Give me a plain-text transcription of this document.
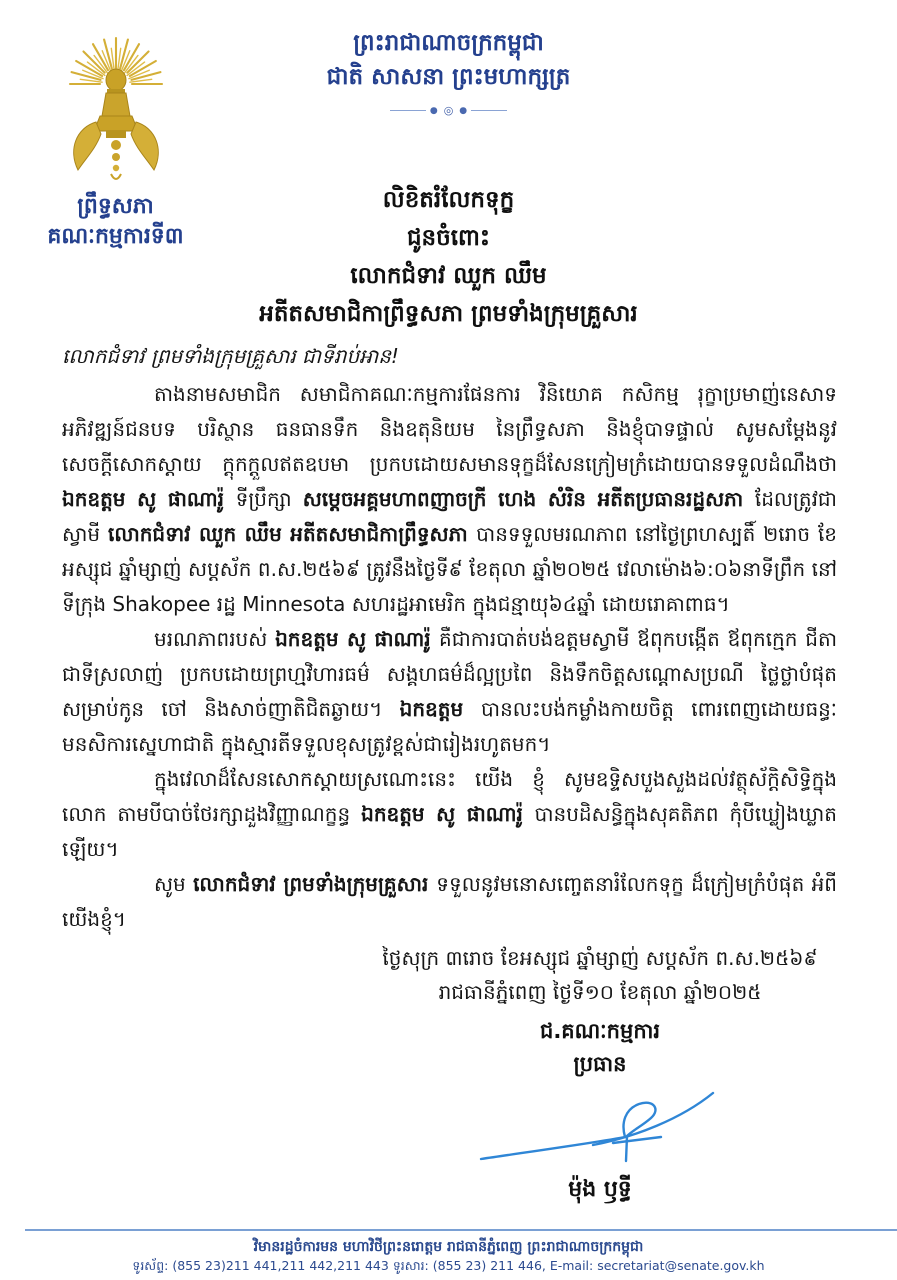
ព្រះរាជាណាចក្រកម្ពុជា
ជាតិ សាសនា ព្រះមហាក្សត្រ
● ◎ ●
ព្រឹទ្ធសភា
គណៈកម្មការទី៣
លិខិតរំលែកទុក្ខ
ជូនចំពោះ
លោកជំទាវ ឈួក ឈឹម
អតីតសមាជិកាព្រឹទ្ធសភា ព្រមទាំងក្រុមគ្រួសារ
លោកជំទាវ ព្រមទាំងក្រុមគ្រួសារ ជាទីរាប់អាន!

តាងនាមសមាជិក សមាជិកាគណៈកម្មការផែនការ វិនិយោគ កសិកម្ម រុក្ខាប្រមាញ់នេសាទ អភិវឌ្ឍន៍ជនបទ បរិស្ថាន ធនធានទឹក និងឧតុនិយម នៃព្រឹទ្ធសភា និងខ្ញុំបាទផ្ទាល់ សូមសម្តែងនូវសេចក្តីសោកស្តាយ ក្តុកក្តួលឥតឧបមា ប្រកបដោយសមានទុក្ខដ៏សែនក្រៀមក្រំដោយបានទទួលដំណឹងថា ឯកឧត្តម សូ ផាណារ៉ូ ទីប្រឹក្សា សម្តេចអគ្គមហាពញាចក្រី ហេង សំរិន អតីតប្រធានរដ្ឋសភា ដែលត្រូវជាស្វាមី លោកជំទាវ ឈួក ឈឹម អតីតសមាជិកាព្រឹទ្ធសភា បានទទួលមរណភាព នៅថ្ងៃព្រហស្បតិ៍ ២រោច ខែអស្សុជ ឆ្នាំម្សាញ់ សប្តស័ក ព.ស.២៥៦៩ ត្រូវនឹងថ្ងៃទី៩ ខែតុលា ឆ្នាំ២០២៥ វេលាម៉ោង៦:០៦នាទីព្រឹក នៅទីក្រុង Shakopee រដ្ឋ Minnesota សហរដ្ឋអាមេរិក ក្នុងជន្មាយុ៦៤ឆ្នាំ ដោយរោគាពាធ។

មរណភាពរបស់ ឯកឧត្តម សូ ផាណារ៉ូ គឺជាការបាត់បង់ឧត្តមស្វាមី ឪពុកបង្កើត ឪពុកក្មេក ជីតាជាទីស្រលាញ់ ប្រកបដោយព្រហ្មវិហារធម៌ សង្គហធម៌ដ៏ល្អប្រពៃ និងទឹកចិត្តសណ្តោសប្រណី ថ្លៃថ្លាបំផុតសម្រាប់កូន ចៅ និងសាច់ញាតិជិតឆ្ងាយ។ ឯកឧត្តម បានលះបង់កម្លាំងកាយចិត្ត ពោរពេញដោយធន្ធៈមនសិការស្នេហាជាតិ ក្នុងស្មារតីទទួលខុសត្រូវខ្ពស់ជារៀងរហូតមក។

ក្នុងវេលាដ៏សែនសោកស្តាយស្រណោះនេះ យើង ខ្ញុំ សូមឧទ្ទិសបួងសួងដល់វត្ថុស័ក្តិសិទ្ធិក្នុងលោក តាមបីបាច់ថែរក្សាដួងវិញ្ញាណក្ខន្ធ ឯកឧត្តម សូ ផាណារ៉ូ បានបដិសន្ធិក្នុងសុគតិភព កុំបីឃ្លៀងឃ្លាតឡើយ។

សូម លោកជំទាវ ព្រមទាំងក្រុមគ្រួសារ ទទួលនូវមនោសញ្ចេតនារំលែកទុក្ខ ដ៏ក្រៀមក្រំបំផុត អំពីយើងខ្ញុំ។

ថ្ងៃសុក្រ ៣រោច ខែអស្សុជ ឆ្នាំម្សាញ់ សប្តស័ក ព.ស.២៥៦៩
រាជធានីភ្នំពេញ ថ្ងៃទី១០ ខែតុលា ឆ្នាំ២០២៥
ជ.គណៈកម្មការ
ប្រធាន
ម៉ុង ឫទ្ធី
វិមានរដ្ឋចំការមន មហាវិថីព្រះនរោត្តម រាជធានីភ្នំពេញ ព្រះរាជាណាចក្រកម្ពុជា
ទូរស័ព្ទ: (855 23)211 441,211 442,211 443 ទូរសារ: (855 23) 211 446, E-mail: secretariat@senate.gov.kh
